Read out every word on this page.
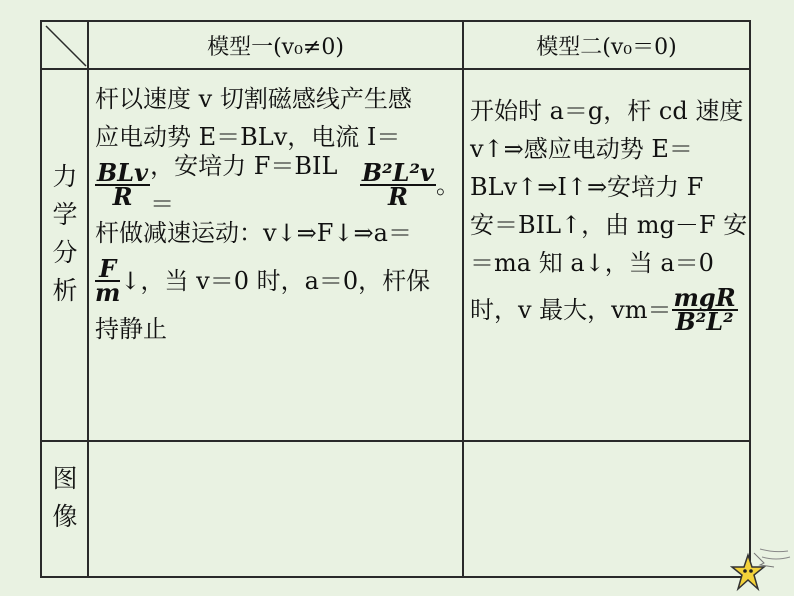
模型一(v₀≠0)	模型二(v₀＝0)
力
学
分
析
图
像
杆以速度 v 切割磁感线产生感
应电动势 E＝BLv，电流 I＝
$\frac{\text{BLv}}{R}$ ，安培力 F＝BIL＝	$\frac{\text{B²L²v}}{R}$ 。
杆做减速运动：v↓⇒F↓⇒a＝
$\frac{F}{m}$ ↓，当 v＝0 时，a＝0，杆保
持静止
开始时 a＝g，杆 cd 速度
v↑⇒感应电动势 E＝
BLv↑⇒I↑⇒安培力 F
安＝BIL↑，由 mg－F 安
＝ma 知 a↓，当 a＝0
时，v 最大，$vm= \frac{\text{mgR}}{\text{B²L²}}$
